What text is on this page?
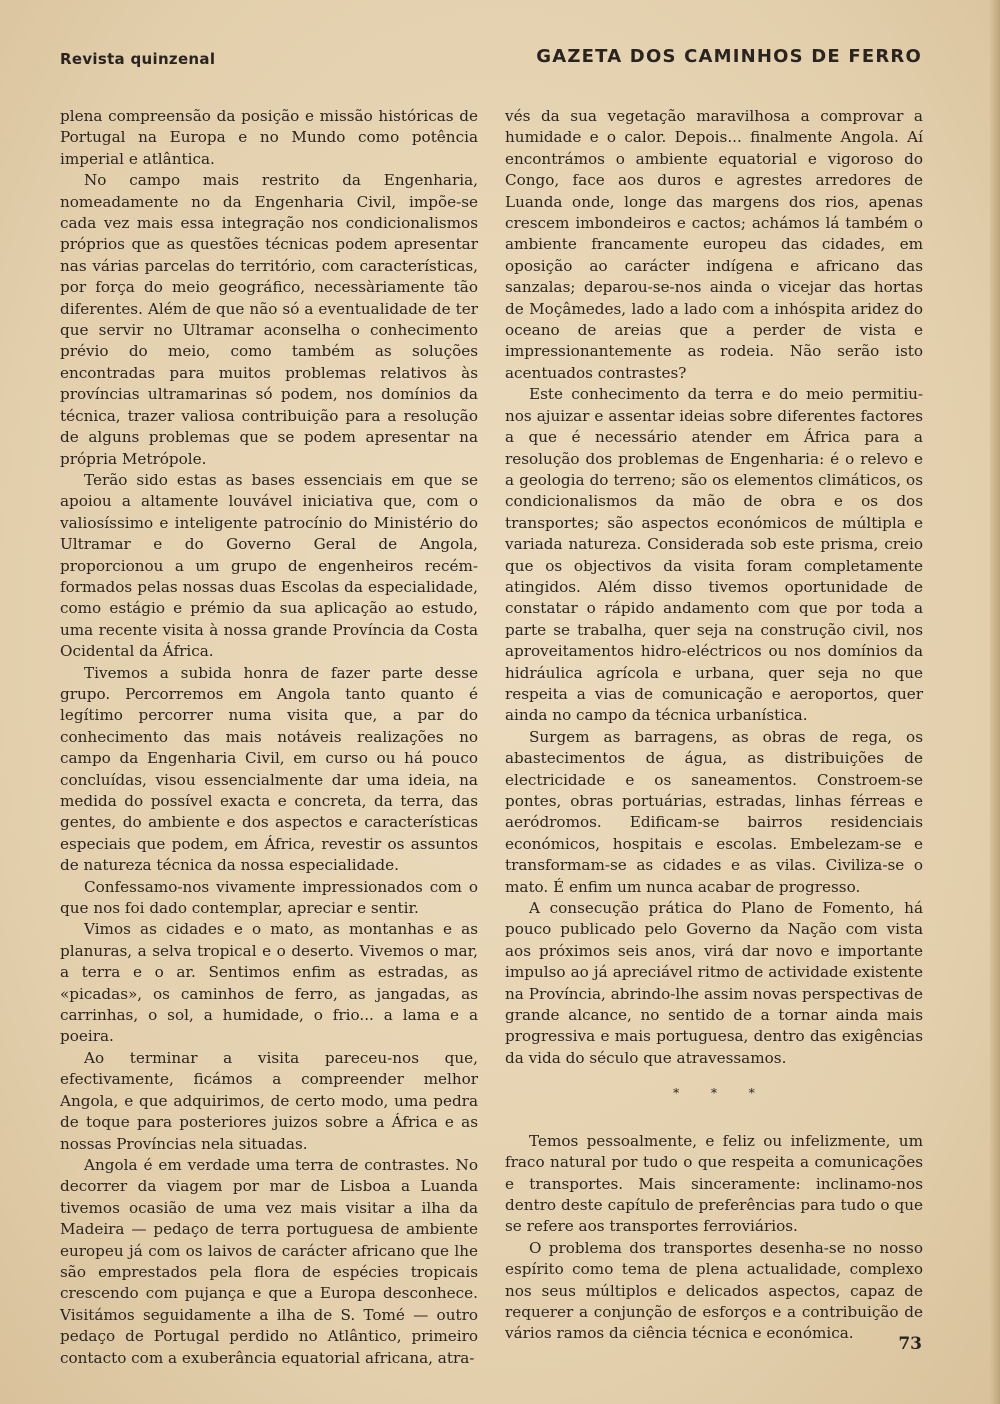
Revista quinzenal	GAZETA DOS CAMINHOS DE FERRO

plena compreensão da posição e missão históricas de Portugal na Europa e no Mundo como potência imperial e atlântica.

No campo mais restrito da Engenharia, nomeadamente no da Engenharia Civil, impõe-se cada vez mais essa integração nos condicionalismos próprios que as questões técnicas podem apresentar nas várias parcelas do território, com características, por força do meio geográfico, necessàriamente tão diferentes. Além de que não só a eventualidade de ter que servir no Ultramar aconselha o conhecimento prévio do meio, como também as soluções encontradas para muitos problemas relativos às províncias ultramarinas só podem, nos domínios da técnica, trazer valiosa contribuição para a resolução de alguns problemas que se podem apresentar na própria Metrópole.

Terão sido estas as bases essenciais em que se apoiou a altamente louvável iniciativa que, com o valiosíssimo e inteligente patrocínio do Ministério do Ultramar e do Governo Geral de Angola, proporcionou a um grupo de engenheiros recém-formados pelas nossas duas Escolas da especialidade, como estágio e prémio da sua aplicação ao estudo, uma recente visita à nossa grande Província da Costa Ocidental da África.

Tivemos a subida honra de fazer parte desse grupo. Percorremos em Angola tanto quanto é legítimo percorrer numa visita que, a par do conhecimento das mais notáveis realizações no campo da Engenharia Civil, em curso ou há pouco concluídas, visou essencialmente dar uma ideia, na medida do possível exacta e concreta, da terra, das gentes, do ambiente e dos aspectos e características especiais que podem, em África, revestir os assuntos de natureza técnica da nossa especialidade.

Confessamo-nos vivamente impressionados com o que nos foi dado contemplar, apreciar e sentir.

Vimos as cidades e o mato, as montanhas e as planuras, a selva tropical e o deserto. Vivemos o mar, a terra e o ar. Sentimos enfim as estradas, as «picadas», os caminhos de ferro, as jangadas, as carrinhas, o sol, a humidade, o frio... a lama e a poeira.

Ao terminar a visita pareceu-nos que, efectivamente, ficámos a compreender melhor Angola, e que adquirimos, de certo modo, uma pedra de toque para posteriores juizos sobre a África e as nossas Províncias nela situadas.

Angola é em verdade uma terra de contrastes. No decorrer da viagem por mar de Lisboa a Luanda tivemos ocasião de uma vez mais visitar a ilha da Madeira — pedaço de terra portuguesa de ambiente europeu já com os laivos de carácter africano que lhe são emprestados pela flora de espécies tropicais crescendo com pujança e que a Europa desconhece. Visitámos seguidamente a ilha de S. Tomé — outro pedaço de Portugal perdido no Atlântico, primeiro contacto com a exuberância equatorial africana, atra-

vés da sua vegetação maravilhosa a comprovar a humidade e o calor. Depois... finalmente Angola. Aí encontrámos o ambiente equatorial e vigoroso do Congo, face aos duros e agrestes arredores de Luanda onde, longe das margens dos rios, apenas crescem imbondeiros e cactos; achámos lá também o ambiente francamente europeu das cidades, em oposição ao carácter indígena e africano das sanzalas; deparou-se-nos ainda o vicejar das hortas de Moçâmedes, lado a lado com a inhóspita aridez do oceano de areias que a perder de vista e impressionantemente as rodeia. Não serão isto acentuados contrastes?

Este conhecimento da terra e do meio permitiu-nos ajuizar e assentar ideias sobre diferentes factores a que é necessário atender em África para a resolução dos problemas de Engenharia: é o relevo e a geologia do terreno; são os elementos climáticos, os condicionalismos da mão de obra e os dos transportes; são aspectos económicos de múltipla e variada natureza. Considerada sob este prisma, creio que os objectivos da visita foram completamente atingidos. Além disso tivemos oportunidade de constatar o rápido andamento com que por toda a parte se trabalha, quer seja na construção civil, nos aproveitamentos hidro-eléctricos ou nos domínios da hidráulica agrícola e urbana, quer seja no que respeita a vias de comunicação e aeroportos, quer ainda no campo da técnica urbanística.

Surgem as barragens, as obras de rega, os abastecimentos de água, as distribuições de electricidade e os saneamentos. Constroem-se pontes, obras portuárias, estradas, linhas férreas e aeródromos. Edificam-se bairros residenciais económicos, hospitais e escolas. Embelezam-se e transformam-se as cidades e as vilas. Civiliza-se o mato. É enfim um nunca acabar de progresso.

A consecução prática do Plano de Fomento, há pouco publicado pelo Governo da Nação com vista aos próximos seis anos, virá dar novo e importante impulso ao já apreciável ritmo de actividade existente na Província, abrindo-lhe assim novas perspectivas de grande alcance, no sentido de a tornar ainda mais progressiva e mais portuguesa, dentro das exigências da vida do século que atravessamos.

* * *

Temos pessoalmente, e feliz ou infelizmente, um fraco natural por tudo o que respeita a comunicações e transportes. Mais sinceramente: inclinamo-nos dentro deste capítulo de preferências para tudo o que se refere aos transportes ferroviários.

O problema dos transportes desenha-se no nosso espírito como tema de plena actualidade, complexo nos seus múltiplos e delicados aspectos, capaz de requerer a conjunção de esforços e a contribuição de vários ramos da ciência técnica e económica.

73
